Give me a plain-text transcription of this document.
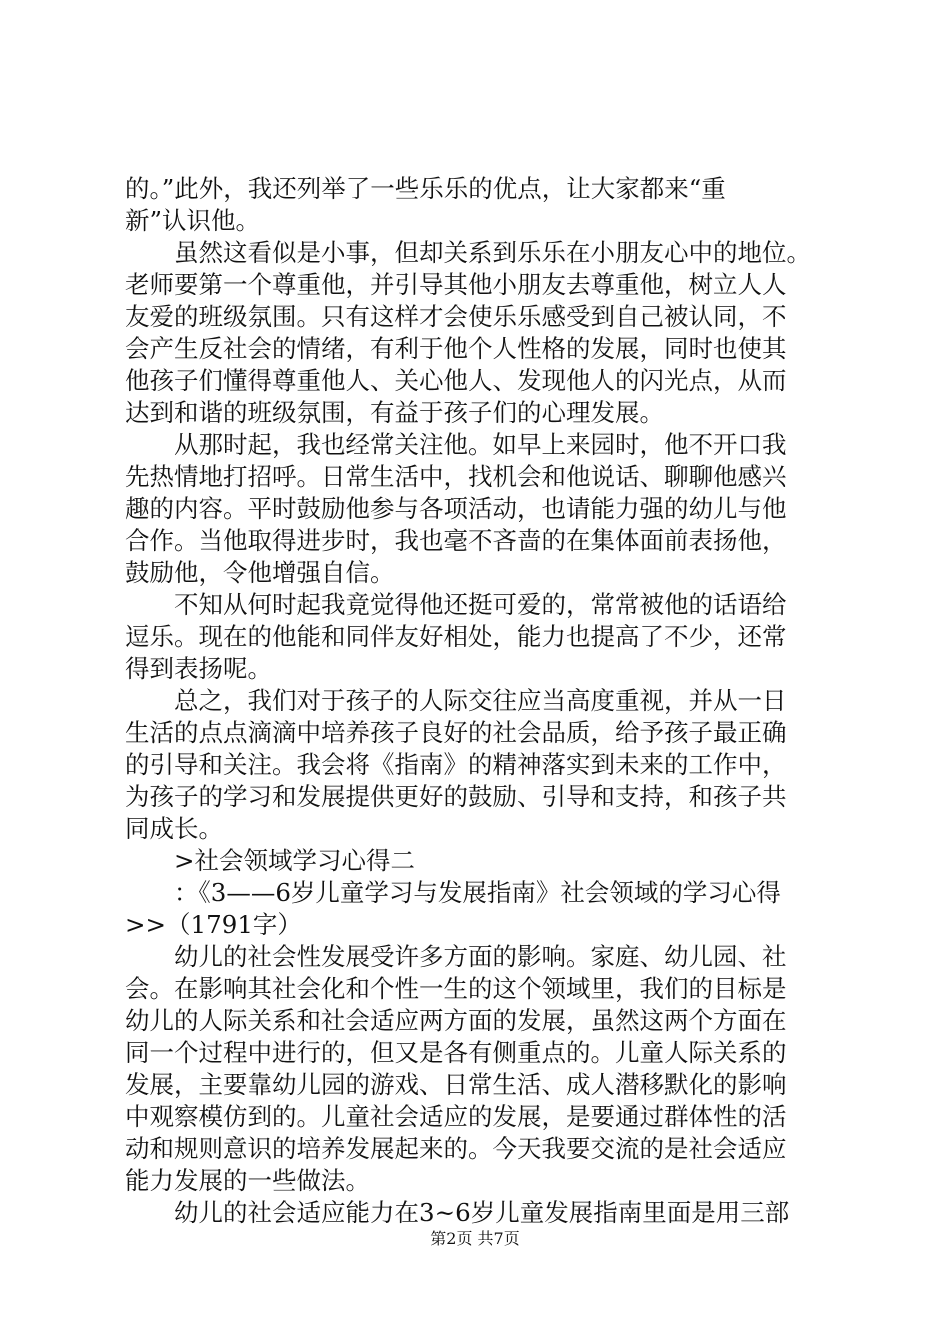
的。”此外，我还列举了一些乐乐的优点，让大家都来“重
新”认识他。
虽然这看似是小事，但却关系到乐乐在小朋友心中的地位。
老师要第一个尊重他，并引导其他小朋友去尊重他，树立人人
友爱的班级氛围。只有这样才会使乐乐感受到自己被认同，不
会产生反社会的情绪，有利于他个人性格的发展，同时也使其
他孩子们懂得尊重他人、关心他人、发现他人的闪光点，从而
达到和谐的班级氛围，有益于孩子们的心理发展。
从那时起，我也经常关注他。如早上来园时，他不开口我
先热情地打招呼。日常生活中，找机会和他说话、聊聊他感兴
趣的内容。平时鼓励他参与各项活动，也请能力强的幼儿与他
合作。当他取得进步时，我也毫不吝啬的在集体面前表扬他，
鼓励他，令他增强自信。
不知从何时起我竟觉得他还挺可爱的，常常被他的话语给
逗乐。现在的他能和同伴友好相处，能力也提高了不少，还常
得到表扬呢。
总之，我们对于孩子的人际交往应当高度重视，并从一日
生活的点点滴滴中培养孩子良好的社会品质，给予孩子最正确
的引导和关注。我会将《指南》的精神落实到未来的工作中，
为孩子的学习和发展提供更好的鼓励、引导和支持，和孩子共
同成长。
>社会领域学习心得二
：《3——6岁儿童学习与发展指南》社会领域的学习心得
>>（1791字）
幼儿的社会性发展受许多方面的影响。家庭、幼儿园、社
会。在影响其社会化和个性一生的这个领域里，我们的目标是
幼儿的人际关系和社会适应两方面的发展，虽然这两个方面在
同一个过程中进行的，但又是各有侧重点的。儿童人际关系的
发展，主要靠幼儿园的游戏、日常生活、成人潜移默化的影响
中观察模仿到的。儿童社会适应的发展，是要通过群体性的活
动和规则意识的培养发展起来的。今天我要交流的是社会适应
能力发展的一些做法。
幼儿的社会适应能力在3~6岁儿童发展指南里面是用三部
第2页 共7页
